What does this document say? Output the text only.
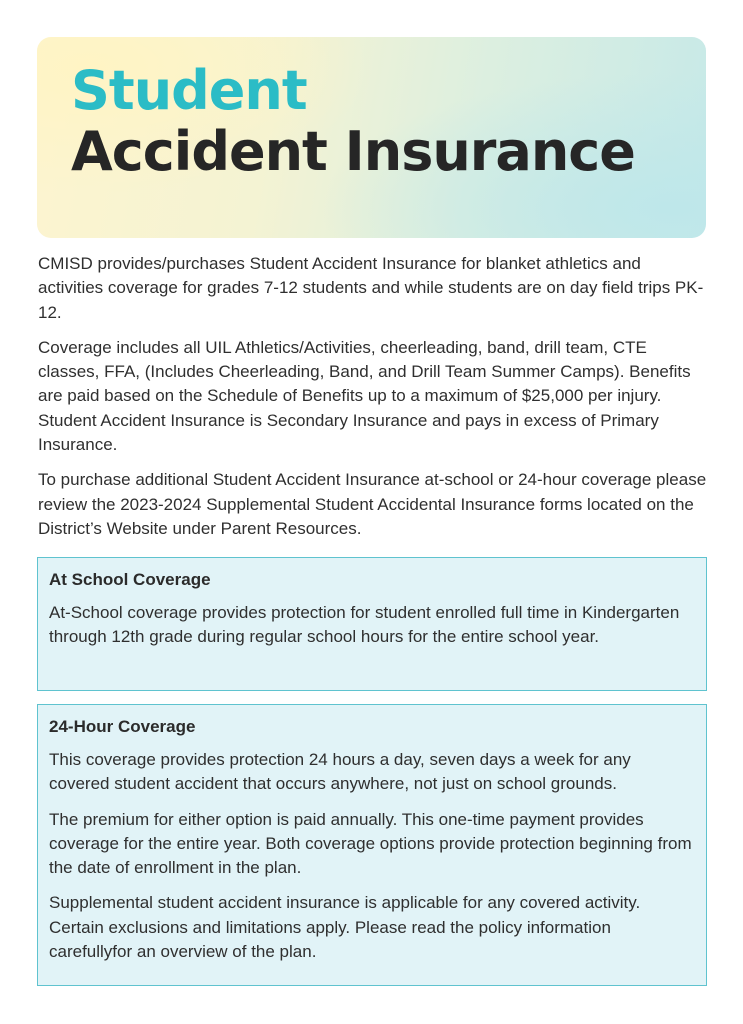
Student
Accident Insurance

CMISD provides/purchases Student Accident Insurance for blanket athletics and activities coverage for grades 7-12 students and while students are on day field trips PK-12.

Coverage includes all UIL Athletics/Activities, cheerleading, band, drill team, CTE classes, FFA, (Includes Cheerleading, Band, and Drill Team Summer Camps). Benefits are paid based on the Schedule of Benefits up to a maximum of $25,000 per injury. Student Accident Insurance is Secondary Insurance and pays in excess of Primary Insurance.

To purchase additional Student Accident Insurance at-school or 24-hour coverage please review the 2023-2024 Supplemental Student Accidental Insurance forms located on the District’s Website under Parent Resources.

At School Coverage

At-School coverage provides protection for student enrolled full time in Kindergarten through 12th grade during regular school hours for the entire school year.

24-Hour Coverage

This coverage provides protection 24 hours a day, seven days a week for any covered student accident that occurs anywhere, not just on school grounds.

The premium for either option is paid annually. This one-time payment provides coverage for the entire year. Both coverage options provide protection beginning from the date of enrollment in the plan.

Supplemental student accident insurance is applicable for any covered activity. Certain exclusions and limitations apply. Please read the policy information carefullyfor an overview of the plan.
